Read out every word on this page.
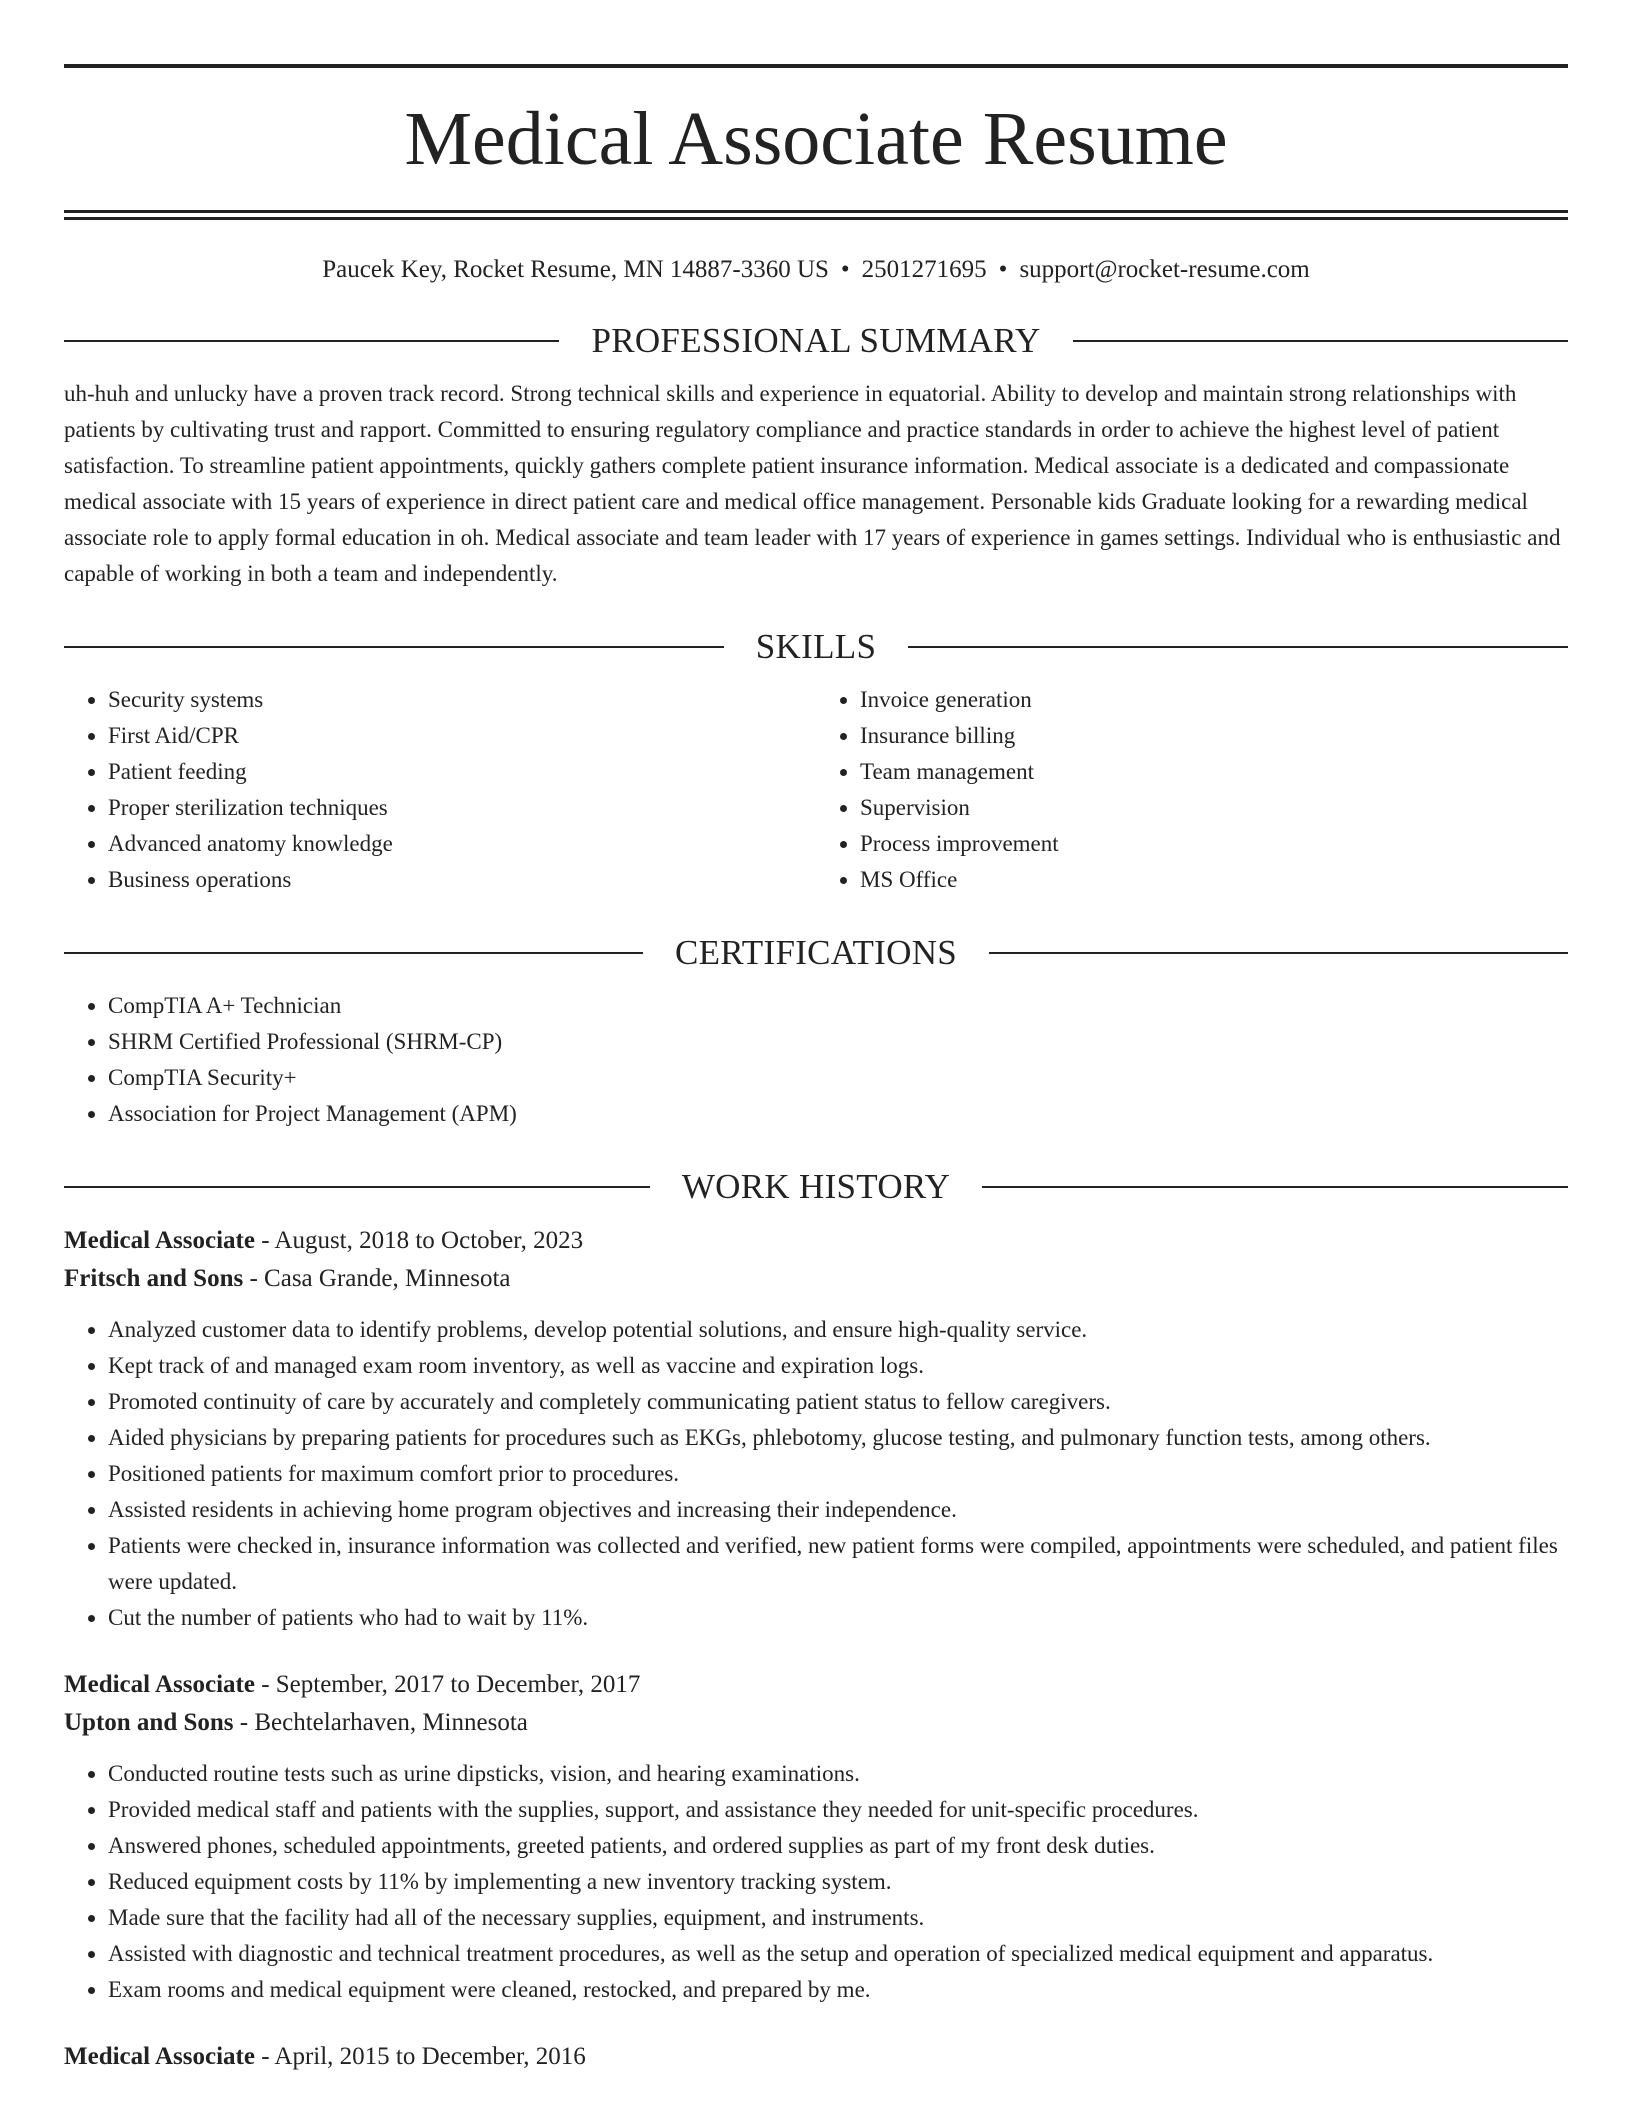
Medical Associate Resume
Paucek Key, Rocket Resume, MN 14887-3360 US • 2501271695 • support@rocket-resume.com
PROFESSIONAL SUMMARY

uh-huh and unlucky have a proven track record. Strong technical skills and experience in equatorial. Ability to develop and maintain strong relationships with patients by cultivating trust and rapport. Committed to ensuring regulatory compliance and practice standards in order to achieve the highest level of patient satisfaction. To streamline patient appointments, quickly gathers complete patient insurance information. Medical associate is a dedicated and compassionate medical associate with 15 years of experience in direct patient care and medical office management. Personable kids Graduate looking for a rewarding medical associate role to apply formal education in oh. Medical associate and team leader with 17 years of experience in games settings. Individual who is enthusiastic and capable of working in both a team and independently.

SKILLS
• Security systems
• First Aid/CPR
• Patient feeding
• Proper sterilization techniques
• Advanced anatomy knowledge
• Business operations
• Invoice generation
• Insurance billing
• Team management
• Supervision
• Process improvement
• MS Office
CERTIFICATIONS
• CompTIA A+ Technician
• SHRM Certified Professional (SHRM-CP)
• CompTIA Security+
• Association for Project Management (APM)
WORK HISTORY
Medical Associate - August, 2018 to October, 2023
Fritsch and Sons - Casa Grande, Minnesota
• Analyzed customer data to identify problems, develop potential solutions, and ensure high-quality service.
• Kept track of and managed exam room inventory, as well as vaccine and expiration logs.
• Promoted continuity of care by accurately and completely communicating patient status to fellow caregivers.
• Aided physicians by preparing patients for procedures such as EKGs, phlebotomy, glucose testing, and pulmonary function tests, among others.
• Positioned patients for maximum comfort prior to procedures.
• Assisted residents in achieving home program objectives and increasing their independence.
• Patients were checked in, insurance information was collected and verified, new patient forms were compiled, appointments were scheduled, and patient files were updated.
• Cut the number of patients who had to wait by 11%.
Medical Associate - September, 2017 to December, 2017
Upton and Sons - Bechtelarhaven, Minnesota
• Conducted routine tests such as urine dipsticks, vision, and hearing examinations.
• Provided medical staff and patients with the supplies, support, and assistance they needed for unit-specific procedures.
• Answered phones, scheduled appointments, greeted patients, and ordered supplies as part of my front desk duties.
• Reduced equipment costs by 11% by implementing a new inventory tracking system.
• Made sure that the facility had all of the necessary supplies, equipment, and instruments.
• Assisted with diagnostic and technical treatment procedures, as well as the setup and operation of specialized medical equipment and apparatus.
• Exam rooms and medical equipment were cleaned, restocked, and prepared by me.
Medical Associate - April, 2015 to December, 2016
